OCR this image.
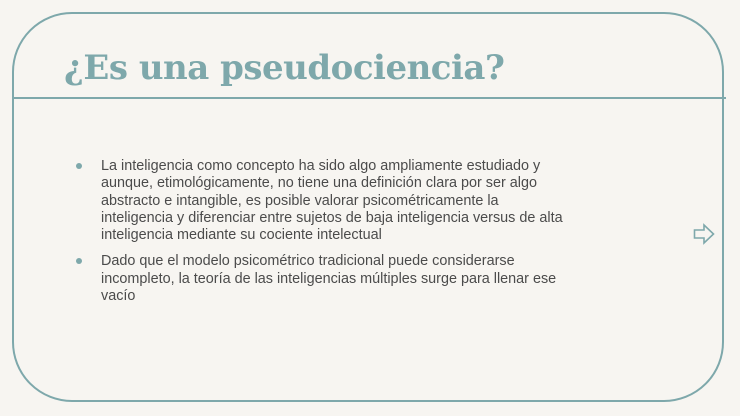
¿Es una pseudociencia?
La inteligencia como concepto ha sido algo ampliamente estudiado y aunque, etimológicamente, no tiene una definición clara por ser algo abstracto e intangible, es posible valorar psicométricamente la inteligencia y diferenciar entre sujetos de baja inteligencia versus de alta inteligencia mediante su cociente intelectual
Dado que el modelo psicométrico tradicional puede considerarse incompleto, la teoría de las inteligencias múltiples surge para llenar ese vacío
